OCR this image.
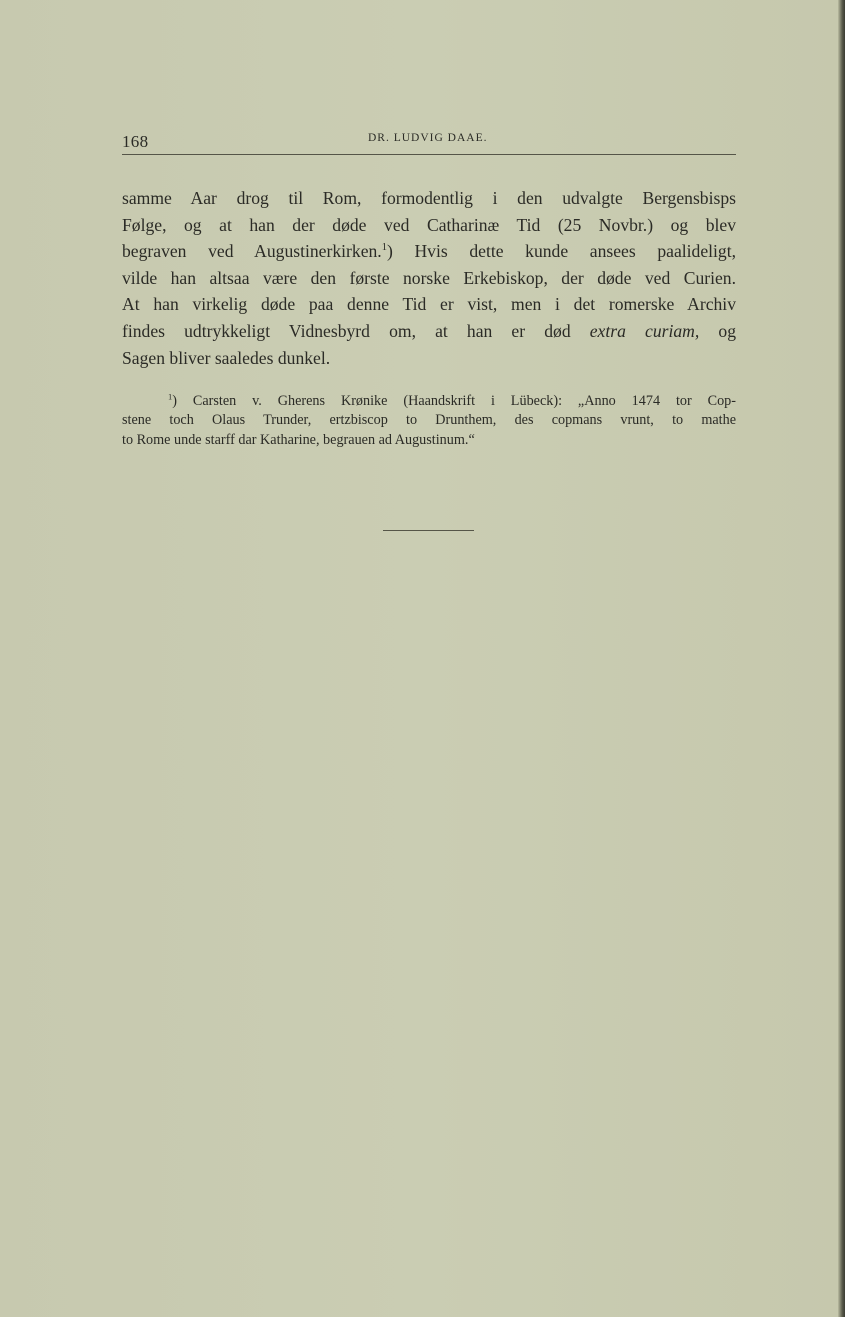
168	DR. LUDVIG DAAE.
samme Aar drog til Rom, formodentlig i den udvalgte Bergensbisps
Følge, og at han der døde ved Catharinæ Tid (25 Novbr.) og blev
begraven ved Augustinerkirken.$^1$) Hvis dette kunde ansees paalideligt,
vilde han altsaa være den første norske Erkebiskop, der døde ved Curien.
At han virkelig døde paa denne Tid er vist, men i det romerske Archiv
findes udtrykkeligt Vidnesbyrd om, at han er død extra curiam, og
Sagen bliver saaledes dunkel.
$^1$) Carsten v. Gherens Krønike (Haandskrift i Lübeck): „Anno 1474 tor Cop-
stene toch Olaus Trunder, ertzbiscop to Drunthem, des copmans vrunt, to mathe
to Rome unde starff dar Katharine, begrauen ad Augustinum.“
